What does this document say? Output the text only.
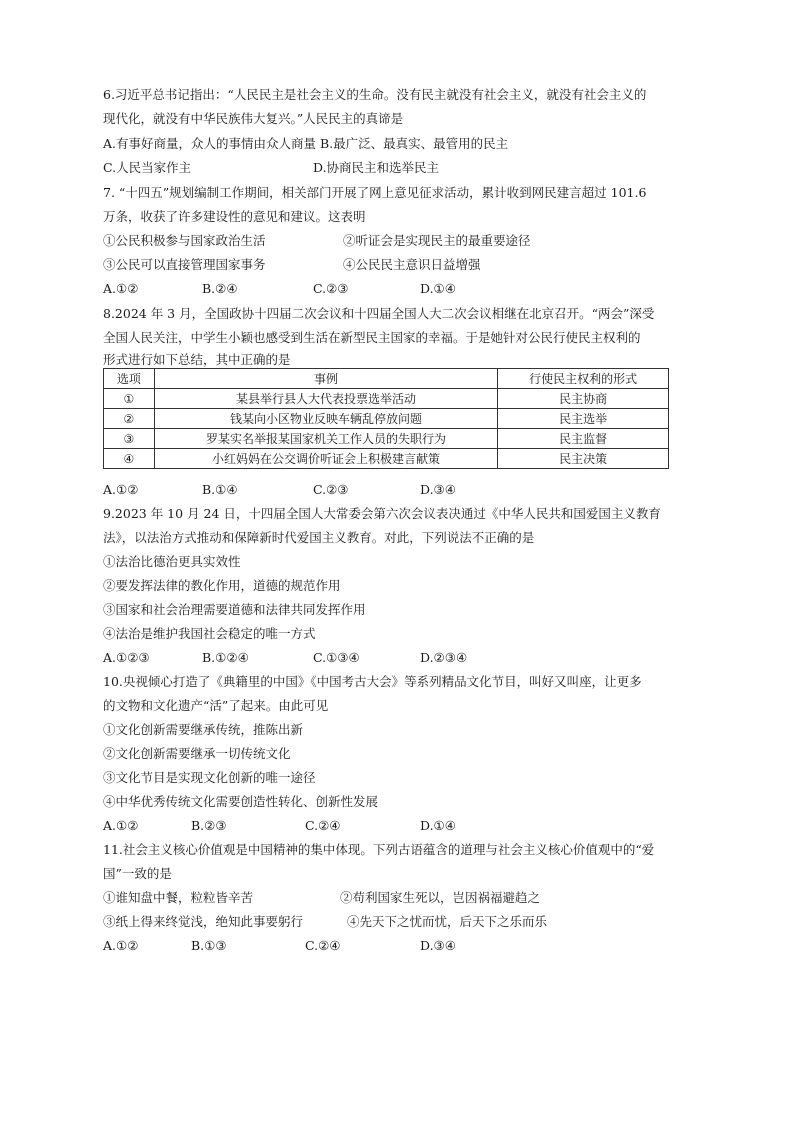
6.习近平总书记指出：“人民民主是社会主义的生命。没有民主就没有社会主义，就没有社会主义的
现代化，就没有中华民族伟大复兴。”人民民主的真谛是
A.有事好商量，众人的事情由众人商量 B.最广泛、最真实、最管用的民主
C.人民当家作主	D.协商民主和选举民主
7. “十四五”规划编制工作期间，相关部门开展了网上意见征求活动，累计收到网民建言超过 101.6
万条，收获了许多建设性的意见和建议。这表明
①公民积极参与国家政治生活	②听证会是实现民主的最重要途径
③公民可以直接管理国家事务	④公民民主意识日益增强
A.①②	B.②④	C.②③	D.①④
8.2024 年 3 月，全国政协十四届二次会议和十四届全国人大二次会议相继在北京召开。“两会”深受
全国人民关注，中学生小颖也感受到生活在新型民主国家的幸福。于是她针对公民行使民主权利的
形式进行如下总结，其中正确的是
选项	事例	行使民主权利的形式
①	某县举行县人大代表投票选举活动	民主协商
②	钱某向小区物业反映车辆乱停放问题	民主选举
③	罗某实名举报某国家机关工作人员的失职行为	民主监督
④	小红妈妈在公交调价听证会上积极建言献策	民主决策
A.①②	B.①④	C.②③	D.③④
9.2023 年 10 月 24 日，十四届全国人大常委会第六次会议表决通过《中华人民共和国爱国主义教育
法》，以法治方式推动和保障新时代爱国主义教育。对此，下列说法不正确的是
①法治比德治更具实效性
②要发挥法律的教化作用，道德的规范作用
③国家和社会治理需要道德和法律共同发挥作用
④法治是维护我国社会稳定的唯一方式
A.①②③	B.①②④	C.①③④	D.②③④
10.央视倾心打造了《典籍里的中国》《中国考古大会》等系列精品文化节目，叫好又叫座，让更多
的文物和文化遗产“活”了起来。由此可见
①文化创新需要继承传统，推陈出新
②文化创新需要继承一切传统文化
③文化节目是实现文化创新的唯一途径
④中华优秀传统文化需要创造性转化、创新性发展
A.①②	B.②③	C.②④	D.①④
11.社会主义核心价值观是中国精神的集中体现。下列古语蕴含的道理与社会主义核心价值观中的“爱
国”一致的是
①谁知盘中餐，粒粒皆辛苦	②苟利国家生死以，岂因祸福避趋之
③纸上得来终觉浅，绝知此事要躬行	④先天下之忧而忧，后天下之乐而乐
A.①②	B.①③	C.②④	D.③④
